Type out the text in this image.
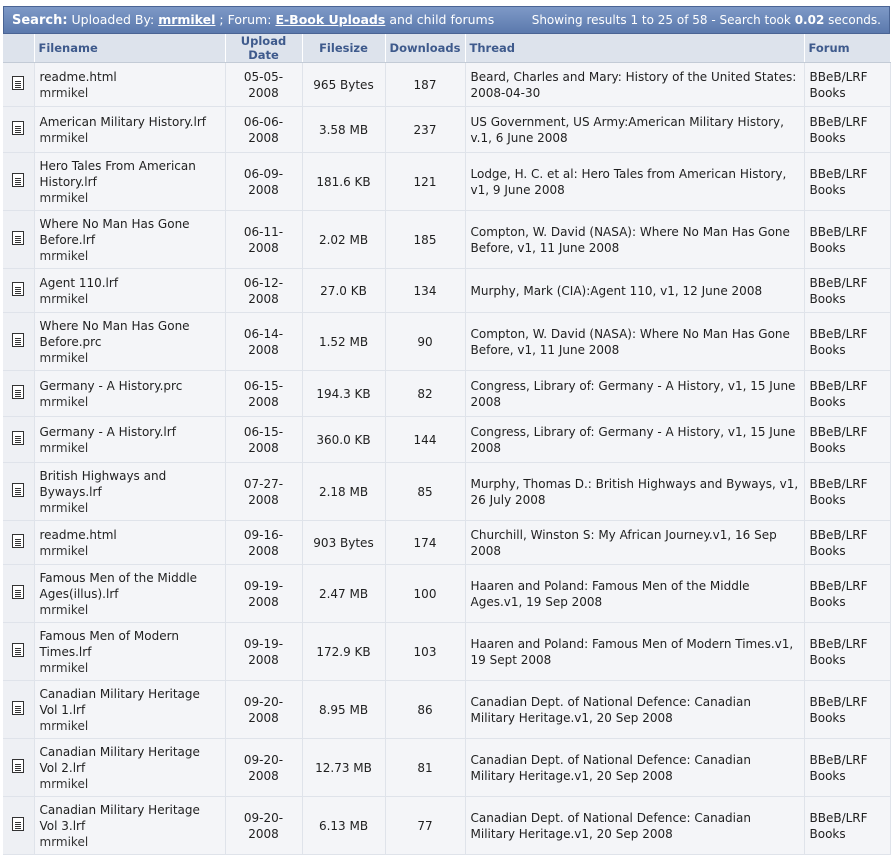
Search: Uploaded By: mrmikel ; Forum: E-Book Uploads and child forums	Showing results 1 to 25 of 58 - Search took 0.02 seconds.
	Filename	Upload Date	Filesize	Downloads	Thread	Forum
	readme.html
mrmikel	05-05-2008	965 Bytes	187	Beard, Charles and Mary: History of the United States: 2008-04-30	BBeB/LRF Books
	American Military History.lrf
mrmikel	06-06-2008	3.58 MB	237	US Government, US Army:American Military History, v.1, 6 June 2008	BBeB/LRF Books
	Hero Tales From American History.lrf
mrmikel	06-09-2008	181.6 KB	121	Lodge, H. C. et al: Hero Tales from American History, v1, 9 June 2008	BBeB/LRF Books
	Where No Man Has Gone Before.lrf
mrmikel	06-11-2008	2.02 MB	185	Compton, W. David (NASA): Where No Man Has Gone Before, v1, 11 June 2008	BBeB/LRF Books
	Agent 110.lrf
mrmikel	06-12-2008	27.0 KB	134	Murphy, Mark (CIA):Agent 110, v1, 12 June 2008	BBeB/LRF Books
	Where No Man Has Gone Before.prc
mrmikel	06-14-2008	1.52 MB	90	Compton, W. David (NASA): Where No Man Has Gone Before, v1, 11 June 2008	BBeB/LRF Books
	Germany - A History.prc
mrmikel	06-15-2008	194.3 KB	82	Congress, Library of: Germany - A History, v1, 15 June 2008	BBeB/LRF Books
	Germany - A History.lrf
mrmikel	06-15-2008	360.0 KB	144	Congress, Library of: Germany - A History, v1, 15 June 2008	BBeB/LRF Books
	British Highways and Byways.lrf
mrmikel	07-27-2008	2.18 MB	85	Murphy, Thomas D.: British Highways and Byways, v1, 26 July 2008	BBeB/LRF Books
	readme.html
mrmikel	09-16-2008	903 Bytes	174	Churchill, Winston S: My African Journey.v1, 16 Sep 2008	BBeB/LRF Books
	Famous Men of the Middle Ages(illus).lrf
mrmikel	09-19-2008	2.47 MB	100	Haaren and Poland: Famous Men of the Middle Ages.v1, 19 Sep 2008	BBeB/LRF Books
	Famous Men of Modern Times.lrf
mrmikel	09-19-2008	172.9 KB	103	Haaren and Poland: Famous Men of Modern Times.v1, 19 Sept 2008	BBeB/LRF Books
	Canadian Military Heritage Vol 1.lrf
mrmikel	09-20-2008	8.95 MB	86	Canadian Dept. of National Defence: Canadian Military Heritage.v1, 20 Sep 2008	BBeB/LRF Books
	Canadian Military Heritage Vol 2.lrf
mrmikel	09-20-2008	12.73 MB	81	Canadian Dept. of National Defence: Canadian Military Heritage.v1, 20 Sep 2008	BBeB/LRF Books
	Canadian Military Heritage Vol 3.lrf
mrmikel	09-20-2008	6.13 MB	77	Canadian Dept. of National Defence: Canadian Military Heritage.v1, 20 Sep 2008	BBeB/LRF Books
